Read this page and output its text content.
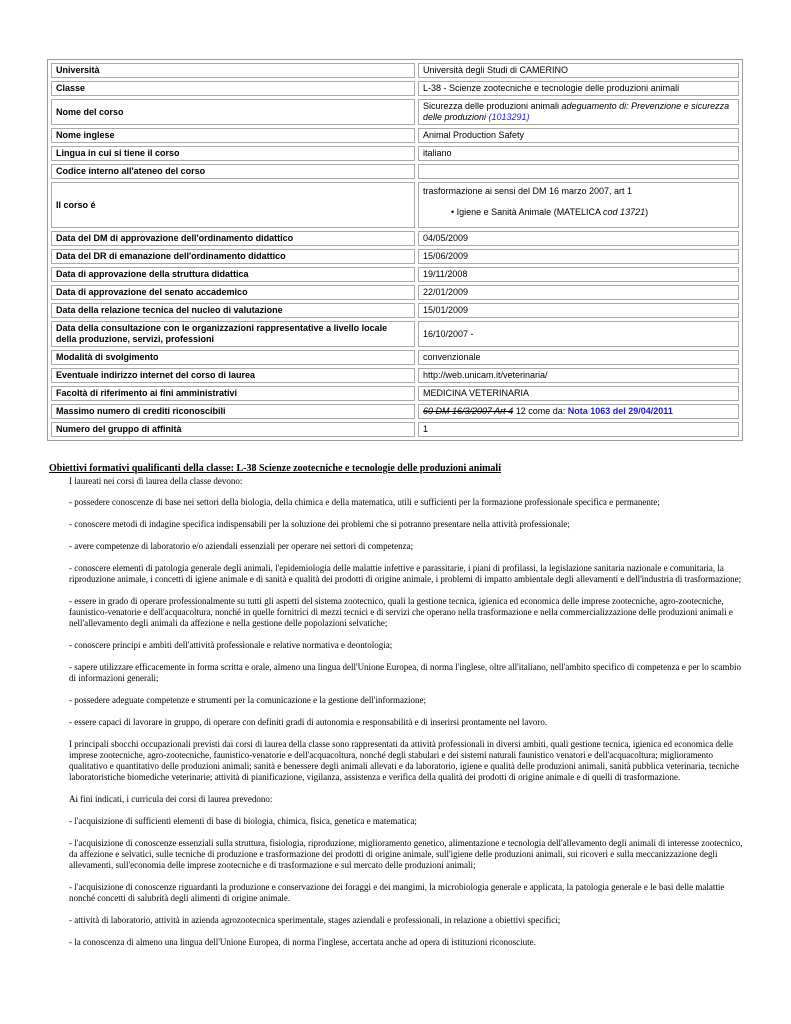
Università	Università degli Studi di CAMERINO
Classe	L-38 - Scienze zootecniche e tecnologie delle produzioni animali
Nome del corso	Sicurezza delle produzioni animali adeguamento di: Prevenzione e sicurezza delle produzioni (1013291)
Nome inglese	Animal Production Safety
Lingua in cui si tiene il corso	italiano
Codice interno all'ateneo del corso	
Il corso é	trasformazione ai sensi del DM 16 marzo 2007, art 1
• Igiene e Sanità Animale (MATELICA cod 13721)

Data del DM di approvazione dell'ordinamento didattico	04/05/2009
Data del DR di emanazione dell'ordinamento didattico	15/06/2009
Data di approvazione della struttura didattica	19/11/2008
Data di approvazione del senato accademico	22/01/2009
Data della relazione tecnica del nucleo di valutazione	15/01/2009
Data della consultazione con le organizzazioni rappresentative a livello locale della produzione, servizi, professioni	16/10/2007 -
Modalità di svolgimento	convenzionale
Eventuale indirizzo internet del corso di laurea	http://web.unicam.it/veterinaria/
Facoltà di riferimento ai fini amministrativi	MEDICINA VETERINARIA
Massimo numero di crediti riconoscibili	60 DM 16/3/2007 Art 4 12 come da: Nota 1063 del 29/04/2011
Numero del gruppo di affinità	1
Obiettivi formativi qualificanti della classe: L-38 Scienze zootecniche e tecnologie delle produzioni animali

I laureati nei corsi di laurea della classe devono:

- possedere conoscenze di base nei settori della biologia, della chimica e della matematica, utili e sufficienti per la formazione professionale specifica e permanente;

- conoscere metodi di indagine specifica indispensabili per la soluzione dei problemi che si potranno presentare nella attività professionale;

- avere competenze di laboratorio e/o aziendali essenziali per operare nei settori di competenza;

- conoscere elementi di patologia generale degli animali, l'epidemiologia delle malattie infettive e parassitarie, i piani di profilassi, la legislazione sanitaria nazionale e comunitaria, la riproduzione animale, i concetti di igiene animale e di sanità e qualità dei prodotti di origine animale, i problemi di impatto ambientale degli allevamenti e dell'industria di trasformazione;

- essere in grado di operare professionalmente su tutti gli aspetti del sistema zootecnico, quali la gestione tecnica, igienica ed economica delle imprese zootecniche, agro-zootecniche, faunistico-venatorie e dell'acquacoltura, nonché in quelle fornitrici di mezzi tecnici e di servizi che operano nella trasformazione e nella commercializzazione delle produzioni animali e nell'allevamento degli animali da affezione e nella gestione delle popolazioni selvatiche;

- conoscere principi e ambiti dell'attività professionale e relative normativa e deontologia;

- sapere utilizzare efficacemente in forma scritta e orale, almeno una lingua dell'Unione Europea, di norma l'inglese, oltre all'italiano, nell'ambito specifico di competenza e per lo scambio di informazioni generali;

- possedere adeguate competenze e strumenti per la comunicazione e la gestione dell'informazione;

- essere capaci di lavorare in gruppo, di operare con definiti gradi di autonomia e responsabilità e di inserirsi prontamente nel lavoro.

I principali sbocchi occupazionali previsti dai corsi di laurea della classe sono rappresentati da attività professionali in diversi ambiti, quali gestione tecnica, igienica ed economica delle imprese zootecniche, agro-zootecniche, faunistico-venatorie e dell'acquacoltura, nonché degli stabulari e dei sistemi naturali faunistico venatori e dell'acquacoltura; miglioramento qualitativo e quantitativo delle produzioni animali; sanità e benessere degli animali allevati e da laboratorio, igiene e qualità delle produzioni animali, sanità pubblica veterinaria, tecniche laboratoristiche biomediche veterinarie; attività di pianificazione, vigilanza, assistenza e verifica della qualità dei prodotti di origine animale e di quelli di trasformazione.

Ai fini indicati, i curricula dei corsi di laurea prevedono:

- l'acquisizione di sufficienti elementi di base di biologia, chimica, fisica, genetica e matematica;

- l'acquisizione di conoscenze essenziali sulla struttura, fisiologia, riproduzione, miglioramento genetico, alimentazione e tecnologia dell'allevamento degli animali di interesse zootecnico, da affezione e selvatici, sulle tecniche di produzione e trasformazione dei prodotti di origine animale, sull'igiene delle produzioni animali, sui ricoveri e sulla meccanizzazione degli allevamenti, sull'economia delle imprese zootecniche e di trasformazione e sul mercato delle produzioni animali;

- l'acquisizione di conoscenze riguardanti la produzione e conservazione dei foraggi e dei mangimi, la microbiologia generale e applicata, la patologia generale e le basi delle malattie nonché concetti di salubrità degli alimenti di origine animale.

- attività di laboratorio, attività in azienda agrozootecnica sperimentale, stages aziendali e professionali, in relazione a obiettivi specifici;

- la conoscenza di almeno una lingua dell'Unione Europea, di norma l'inglese, accertata anche ad opera di istituzioni riconosciute.
